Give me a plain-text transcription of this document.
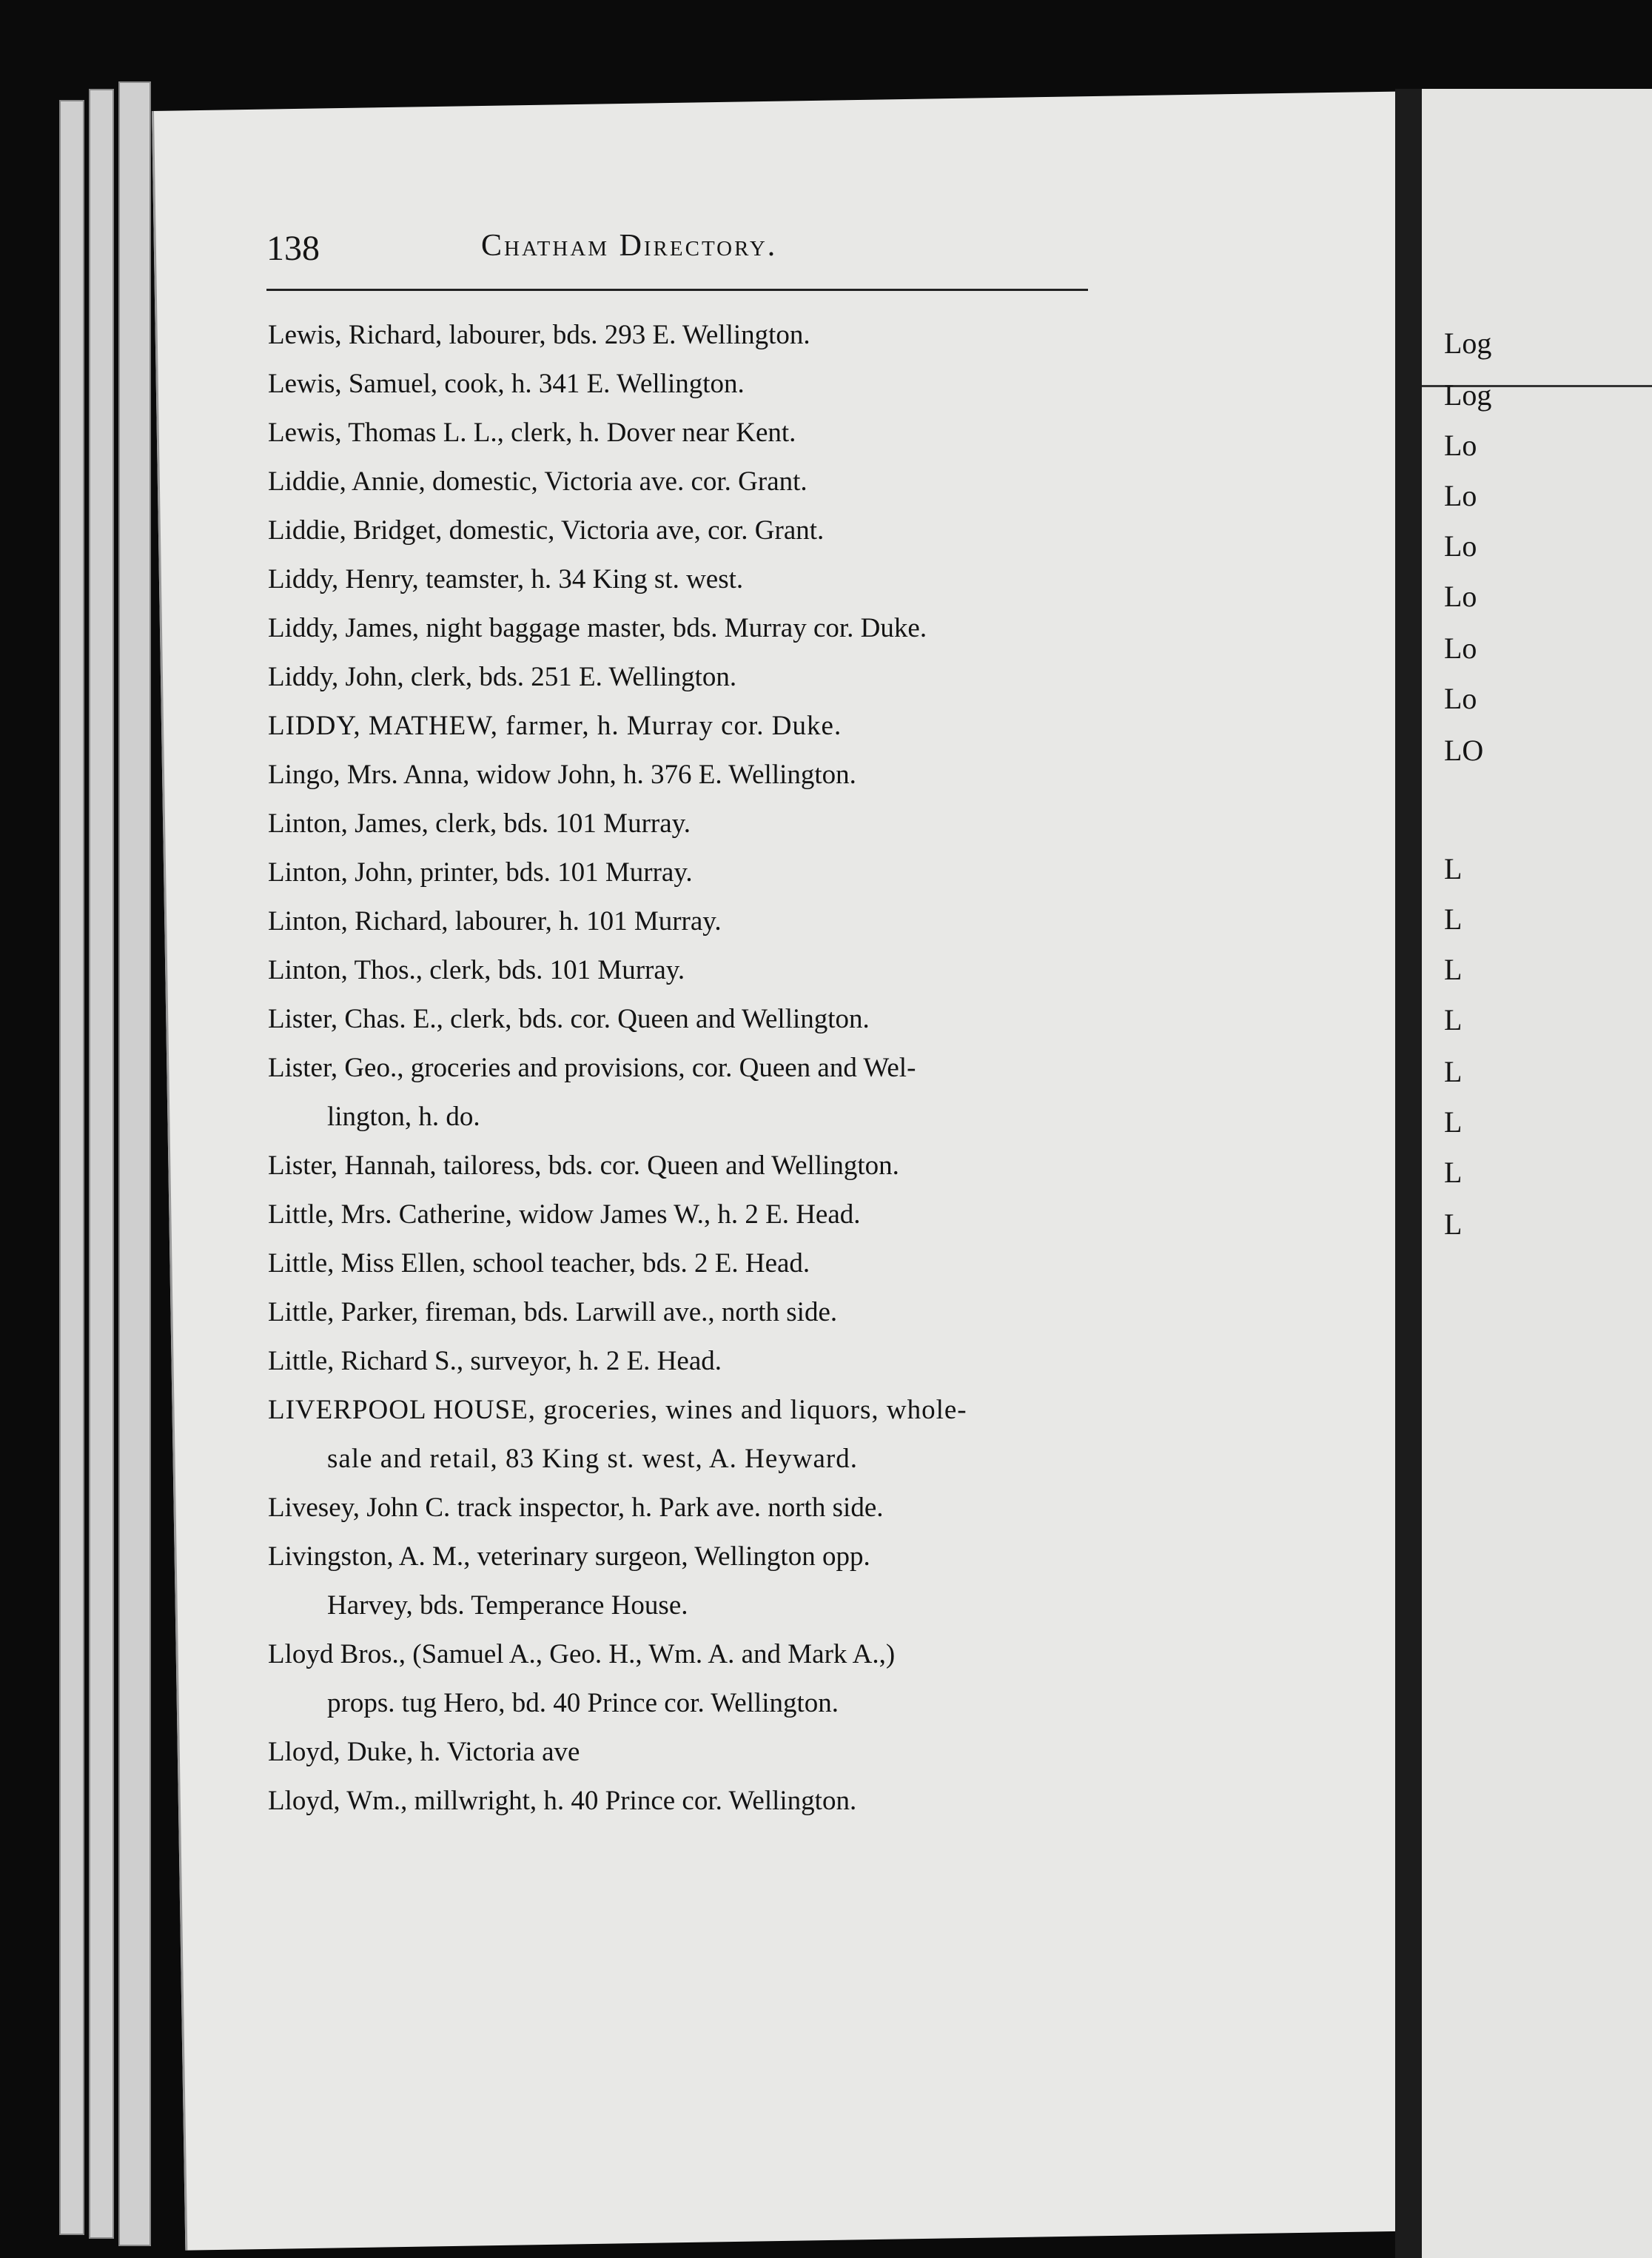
138	Chatham Directory.
Lewis, Richard, labourer, bds. 293 E. Wellington.
Lewis, Samuel, cook, h. 341 E. Wellington.
Lewis, Thomas L. L., clerk, h. Dover near Kent.
Liddie, Annie, domestic, Victoria ave. cor. Grant.
Liddie, Bridget, domestic, Victoria ave, cor. Grant.
Liddy, Henry, teamster, h. 34 King st. west.
Liddy, James, night baggage master, bds. Murray cor. Duke.
Liddy, John, clerk, bds. 251 E. Wellington.
LIDDY, MATHEW, farmer, h. Murray cor. Duke.
Lingo, Mrs. Anna, widow John, h. 376 E. Wellington.
Linton, James, clerk, bds. 101 Murray.
Linton, John, printer, bds. 101 Murray.
Linton, Richard, labourer, h. 101 Murray.
Linton, Thos., clerk, bds. 101 Murray.
Lister, Chas. E., clerk, bds. cor. Queen and Wellington.
Lister, Geo., groceries and provisions, cor. Queen and Wel-
lington, h. do.
Lister, Hannah, tailoress, bds. cor. Queen and Wellington.
Little, Mrs. Catherine, widow James W., h. 2 E. Head.
Little, Miss Ellen, school teacher, bds. 2 E. Head.
Little, Parker, fireman, bds. Larwill ave., north side.
Little, Richard S., surveyor, h. 2 E. Head.
LIVERPOOL HOUSE, groceries, wines and liquors, whole-
sale and retail, 83 King st. west, A. Heyward.
Livesey, John C. track inspector, h. Park ave. north side.
Livingston, A. M., veterinary surgeon, Wellington opp.
Harvey, bds. Temperance House.
Lloyd Bros., (Samuel A., Geo. H., Wm. A. and Mark A.,)
props. tug Hero, bd. 40 Prince cor. Wellington.
Lloyd, Duke, h. Victoria ave
Lloyd, Wm., millwright, h. 40 Prince cor. Wellington.
Log
Log
Lo
Lo
Lo
Lo
Lo
Lo
LO
L
L
L
L
L
L
L
L
